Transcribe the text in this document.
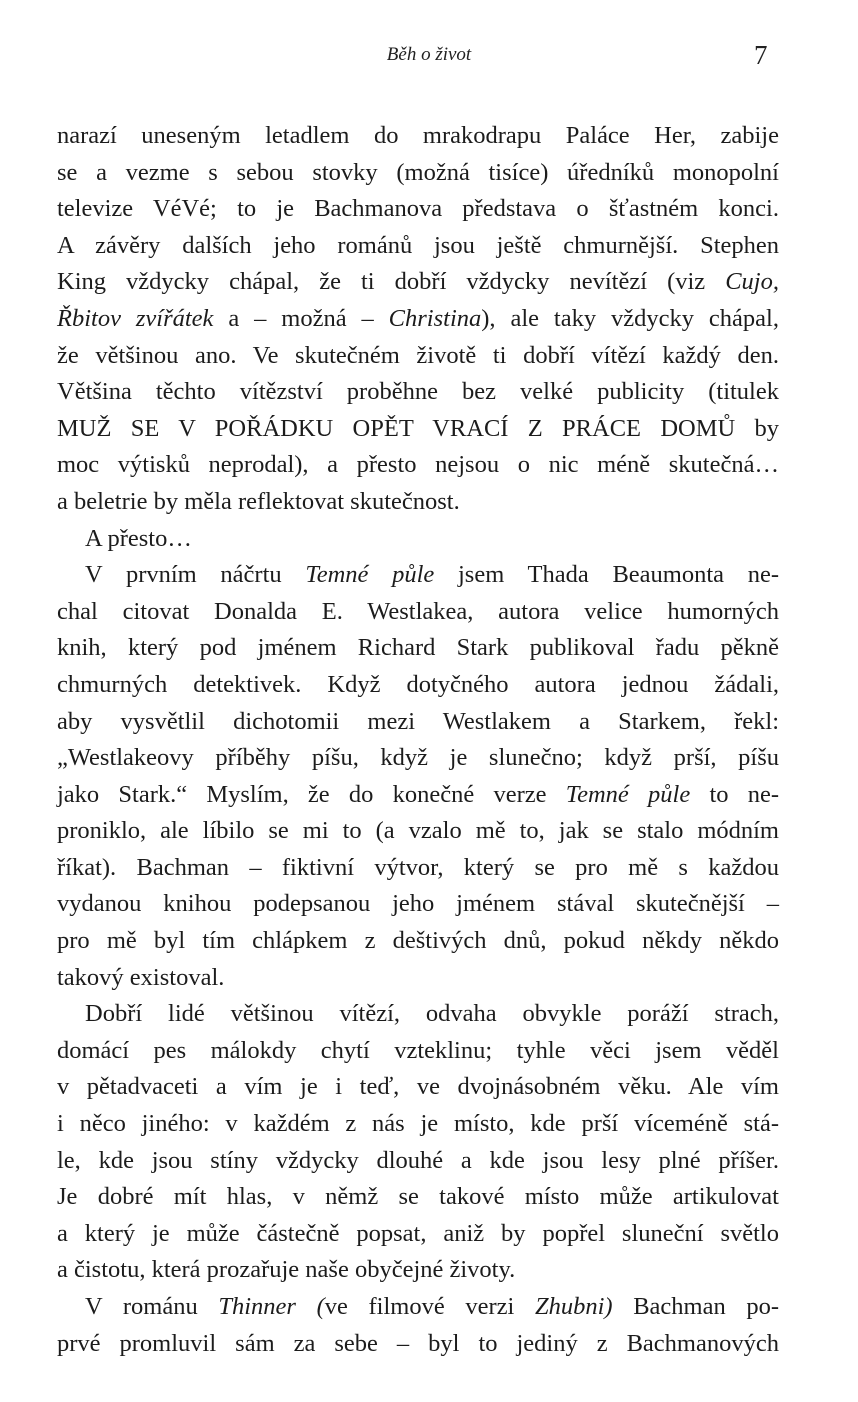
Běh o život	7
narazí uneseným letadlem do mrakodrapu Paláce Her, zabije
se a vezme s sebou stovky (možná tisíce) úředníků monopolní
televize VéVé; to je Bachmanova představa o šťastném konci.
A závěry dalších jeho románů jsou ještě chmurnější. Stephen
King vždycky chápal, že ti dobří vždycky nevítězí (viz Cujo,
Řbitov zvířátek a – možná – Christina), ale taky vždycky chápal,
že většinou ano. Ve skutečném životě ti dobří vítězí každý den.
Většina těchto vítězství proběhne bez velké publicity (titulek
MUŽ SE V POŘÁDKU OPĚT VRACÍ Z PRÁCE DOMŮ by
moc výtisků neprodal), a přesto nejsou o nic méně skutečná…
a beletrie by měla reflektovat skutečnost.
A přesto…
V prvním náčrtu Temné půle jsem Thada Beaumonta ne-
chal citovat Donalda E. Westlakea, autora velice humorných
knih, který pod jménem Richard Stark publikoval řadu pěkně
chmurných detektivek. Když dotyčného autora jednou žádali,
aby vysvětlil dichotomii mezi Westlakem a Starkem, řekl:
„Westlakeovy příběhy píšu, když je slunečno; když prší, píšu
jako Stark.“ Myslím, že do konečné verze Temné půle to ne-
proniklo, ale líbilo se mi to (a vzalo mě to, jak se stalo módním
říkat). Bachman – fiktivní výtvor, který se pro mě s každou
vydanou knihou podepsanou jeho jménem stával skutečnější –
pro mě byl tím chlápkem z deštivých dnů, pokud někdy někdo
takový existoval.
Dobří lidé většinou vítězí, odvaha obvykle poráží strach,
domácí pes málokdy chytí vzteklinu; tyhle věci jsem věděl
v pětadvaceti a vím je i teď, ve dvojnásobném věku. Ale vím
i něco jiného: v každém z nás je místo, kde prší víceméně stá-
le, kde jsou stíny vždycky dlouhé a kde jsou lesy plné příšer.
Je dobré mít hlas, v němž se takové místo může artikulovat
a který je může částečně popsat, aniž by popřel sluneční světlo
a čistotu, která prozařuje naše obyčejné životy.
V románu Thinner (ve filmové verzi Zhubni) Bachman po-
prvé promluvil sám za sebe – byl to jediný z Bachmanových
